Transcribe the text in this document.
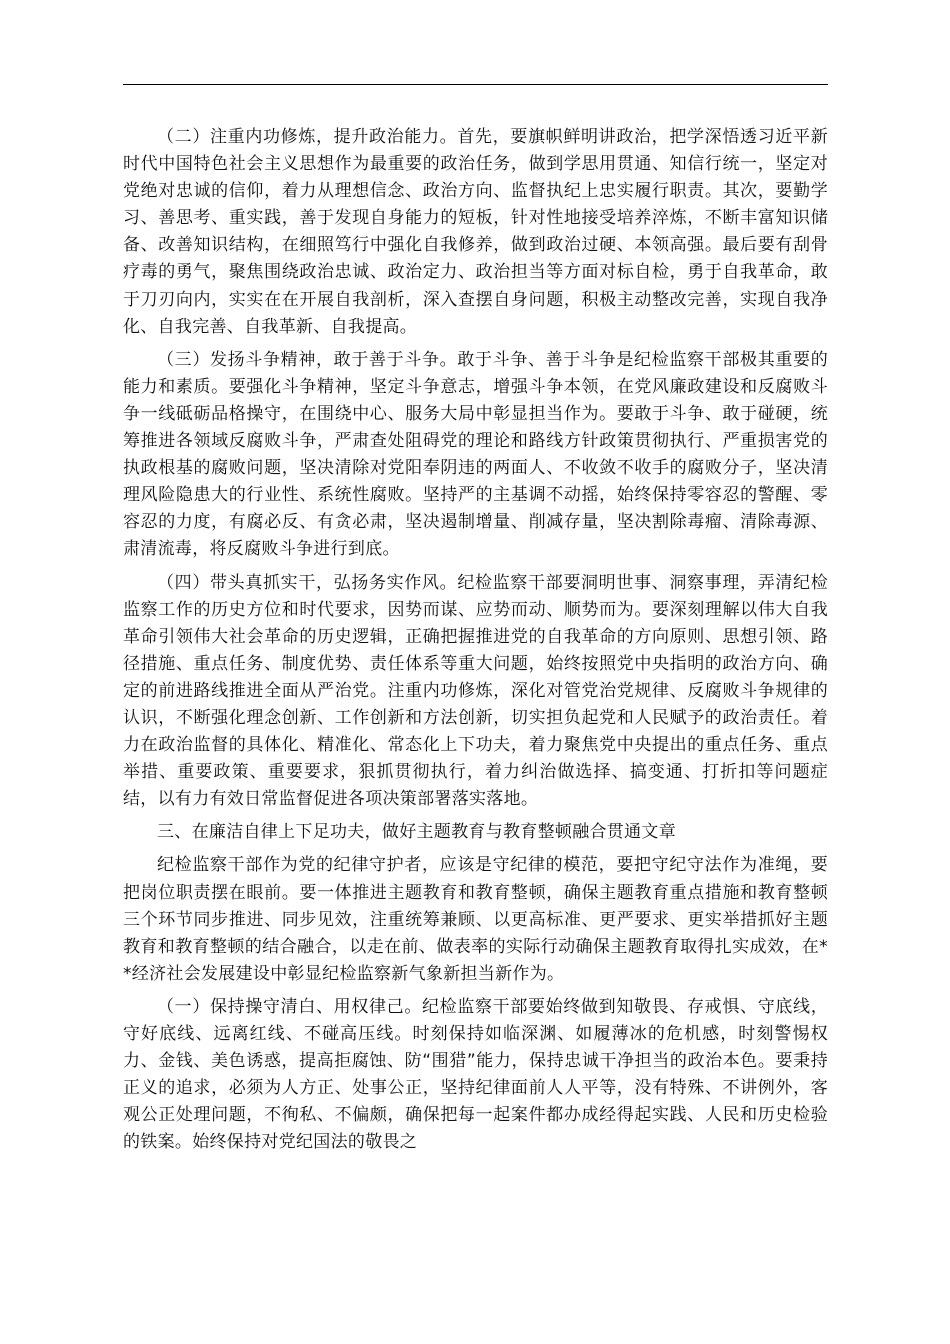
（二）注重内功修炼，提升政治能力。首先，要旗帜鲜明讲政治，把学深悟透习近平新时代中国特色社会主义思想作为最重要的政治任务，做到学思用贯通、知信行统一，坚定对党绝对忠诚的信仰，着力从理想信念、政治方向、监督执纪上忠实履行职责。其次，要勤学习、善思考、重实践，善于发现自身能力的短板，针对性地接受培养淬炼，不断丰富知识储备、改善知识结构，在细照笃行中强化自我修养，做到政治过硬、本领高强。最后要有刮骨疗毒的勇气，聚焦围绕政治忠诚、政治定力、政治担当等方面对标自检，勇于自我革命，敢于刀刃向内，实实在在开展自我剖析，深入查摆自身问题，积极主动整改完善，实现自我净化、自我完善、自我革新、自我提高。

（三）发扬斗争精神，敢于善于斗争。敢于斗争、善于斗争是纪检监察干部极其重要的能力和素质。要强化斗争精神，坚定斗争意志，增强斗争本领，在党风廉政建设和反腐败斗争一线砥砺品格操守，在围绕中心、服务大局中彰显担当作为。要敢于斗争、敢于碰硬，统筹推进各领域反腐败斗争，严肃查处阻碍党的理论和路线方针政策贯彻执行、严重损害党的执政根基的腐败问题，坚决清除对党阳奉阴违的两面人、不收敛不收手的腐败分子，坚决清理风险隐患大的行业性、系统性腐败。坚持严的主基调不动摇，始终保持零容忍的警醒、零容忍的力度，有腐必反、有贪必肃，坚决遏制增量、削减存量，坚决割除毒瘤、清除毒源、肃清流毒，将反腐败斗争进行到底。

（四）带头真抓实干，弘扬务实作风。纪检监察干部要洞明世事、洞察事理，弄清纪检监察工作的历史方位和时代要求，因势而谋、应势而动、顺势而为。要深刻理解以伟大自我革命引领伟大社会革命的历史逻辑，正确把握推进党的自我革命的方向原则、思想引领、路径措施、重点任务、制度优势、责任体系等重大问题，始终按照党中央指明的政治方向、确定的前进路线推进全面从严治党。注重内功修炼，深化对管党治党规律、反腐败斗争规律的认识，不断强化理念创新、工作创新和方法创新，切实担负起党和人民赋予的政治责任。着力在政治监督的具体化、精准化、常态化上下功夫，着力聚焦党中央提出的重点任务、重点举措、重要政策、重要要求，狠抓贯彻执行，着力纠治做选择、搞变通、打折扣等问题症结，以有力有效日常监督促进各项决策部署落实落地。

三、在廉洁自律上下足功夫，做好主题教育与教育整顿融合贯通文章

纪检监察干部作为党的纪律守护者，应该是守纪律的模范，要把守纪守法作为准绳，要把岗位职责摆在眼前。要一体推进主题教育和教育整顿，确保主题教育重点措施和教育整顿三个环节同步推进、同步见效，注重统筹兼顾、以更高标准、更严要求、更实举措抓好主题教育和教育整顿的结合融合，以走在前、做表率的实际行动确保主题教育取得扎实成效，在**经济社会发展建设中彰显纪检监察新气象新担当新作为。

（一）保持操守清白、用权律己。纪检监察干部要始终做到知敬畏、存戒惧、守底线，守好底线、远离红线、不碰高压线。时刻保持如临深渊、如履薄冰的危机感，时刻警惕权力、金钱、美色诱惑，提高拒腐蚀、防“围猎”能力，保持忠诚干净担当的政治本色。要秉持正义的追求，必须为人方正、处事公正，坚持纪律面前人人平等，没有特殊、不讲例外，客观公正处理问题，不徇私、不偏颇，确保把每一起案件都办成经得起实践、人民和历史检验的铁案。始终保持对党纪国法的敬畏之
